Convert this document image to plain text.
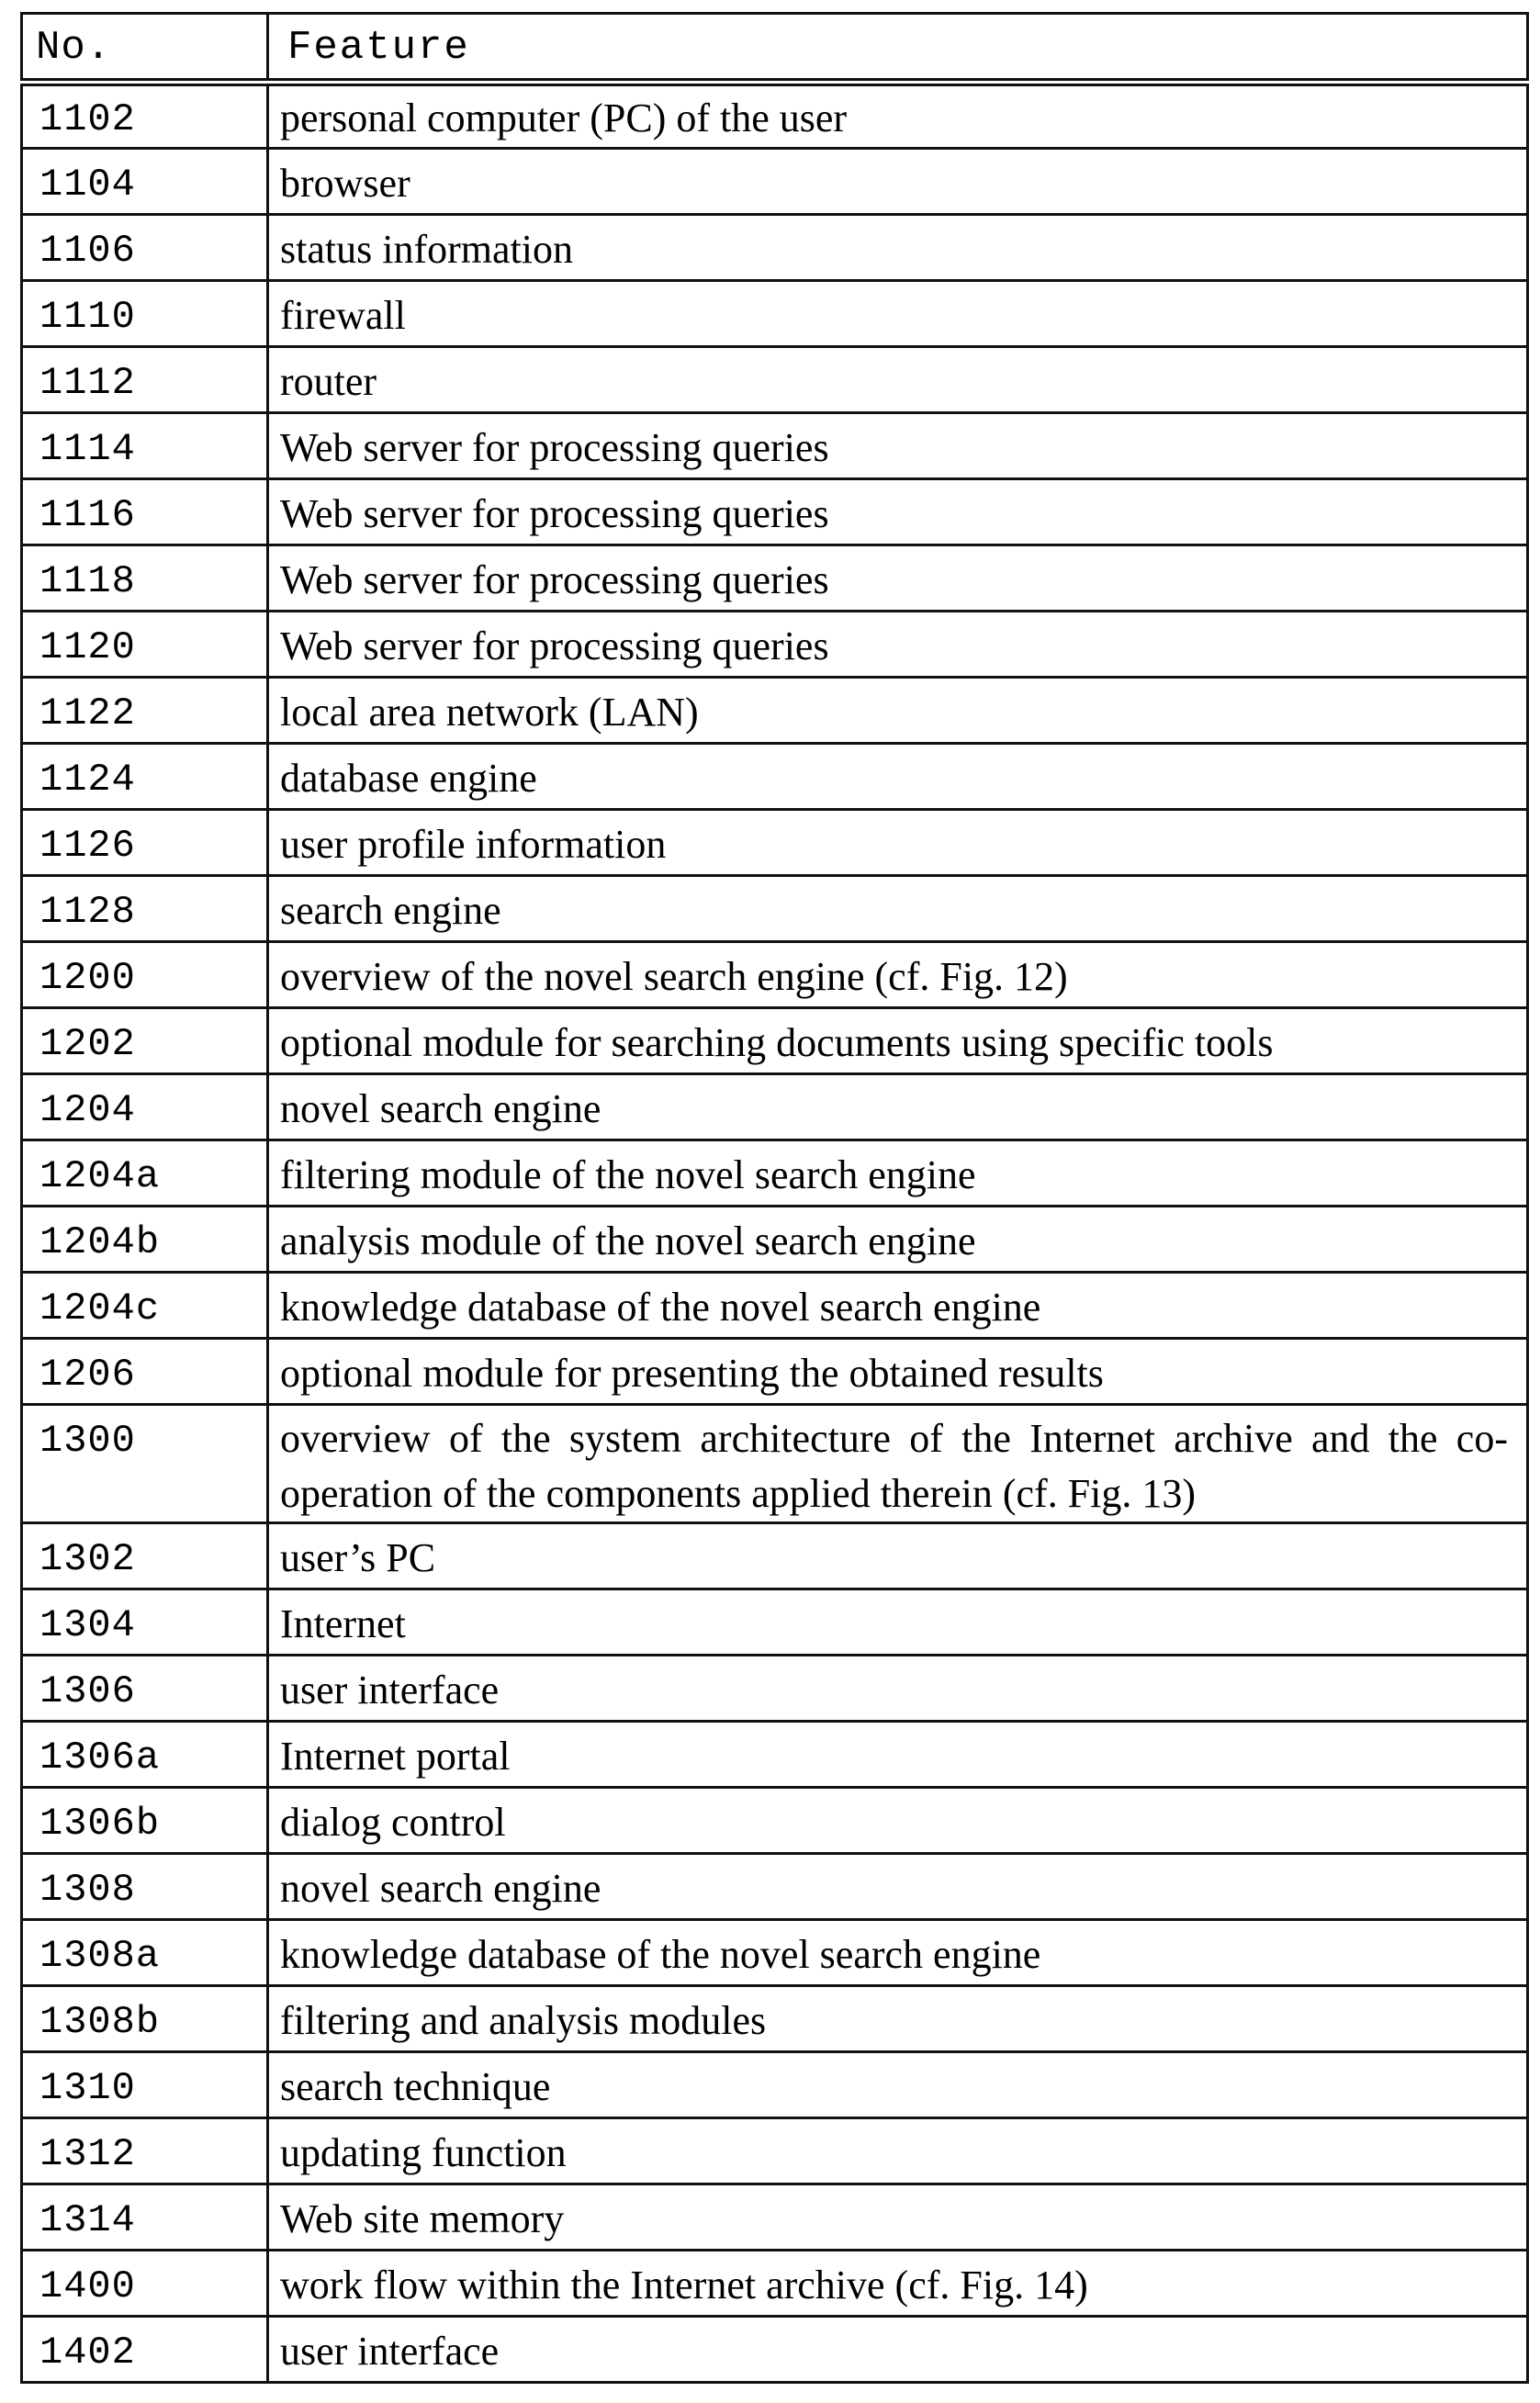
No.	Feature
1102	personal computer (PC) of the user
1104	browser
1106	status information
1110	firewall
1112	router
1114	Web server for processing queries
1116	Web server for processing queries
1118	Web server for processing queries
1120	Web server for processing queries
1122	local area network (LAN)
1124	database engine
1126	user profile information
1128	search engine
1200	overview of the novel search engine (cf. Fig. 12)
1202	optional module for searching documents using specific tools
1204	novel search engine
1204a	filtering module of the novel search engine
1204b	analysis module of the novel search engine
1204c	knowledge database of the novel search engine
1206	optional module for presenting the obtained results
1300	overview of the system architecture of the Internet archive and the co-operation of the components applied therein (cf. Fig. 13)
1302	user’s PC
1304	Internet
1306	user interface
1306a	Internet portal
1306b	dialog control
1308	novel search engine
1308a	knowledge database of the novel search engine
1308b	filtering and analysis modules
1310	search technique
1312	updating function
1314	Web site memory
1400	work flow within the Internet archive (cf. Fig. 14)
1402	user interface
